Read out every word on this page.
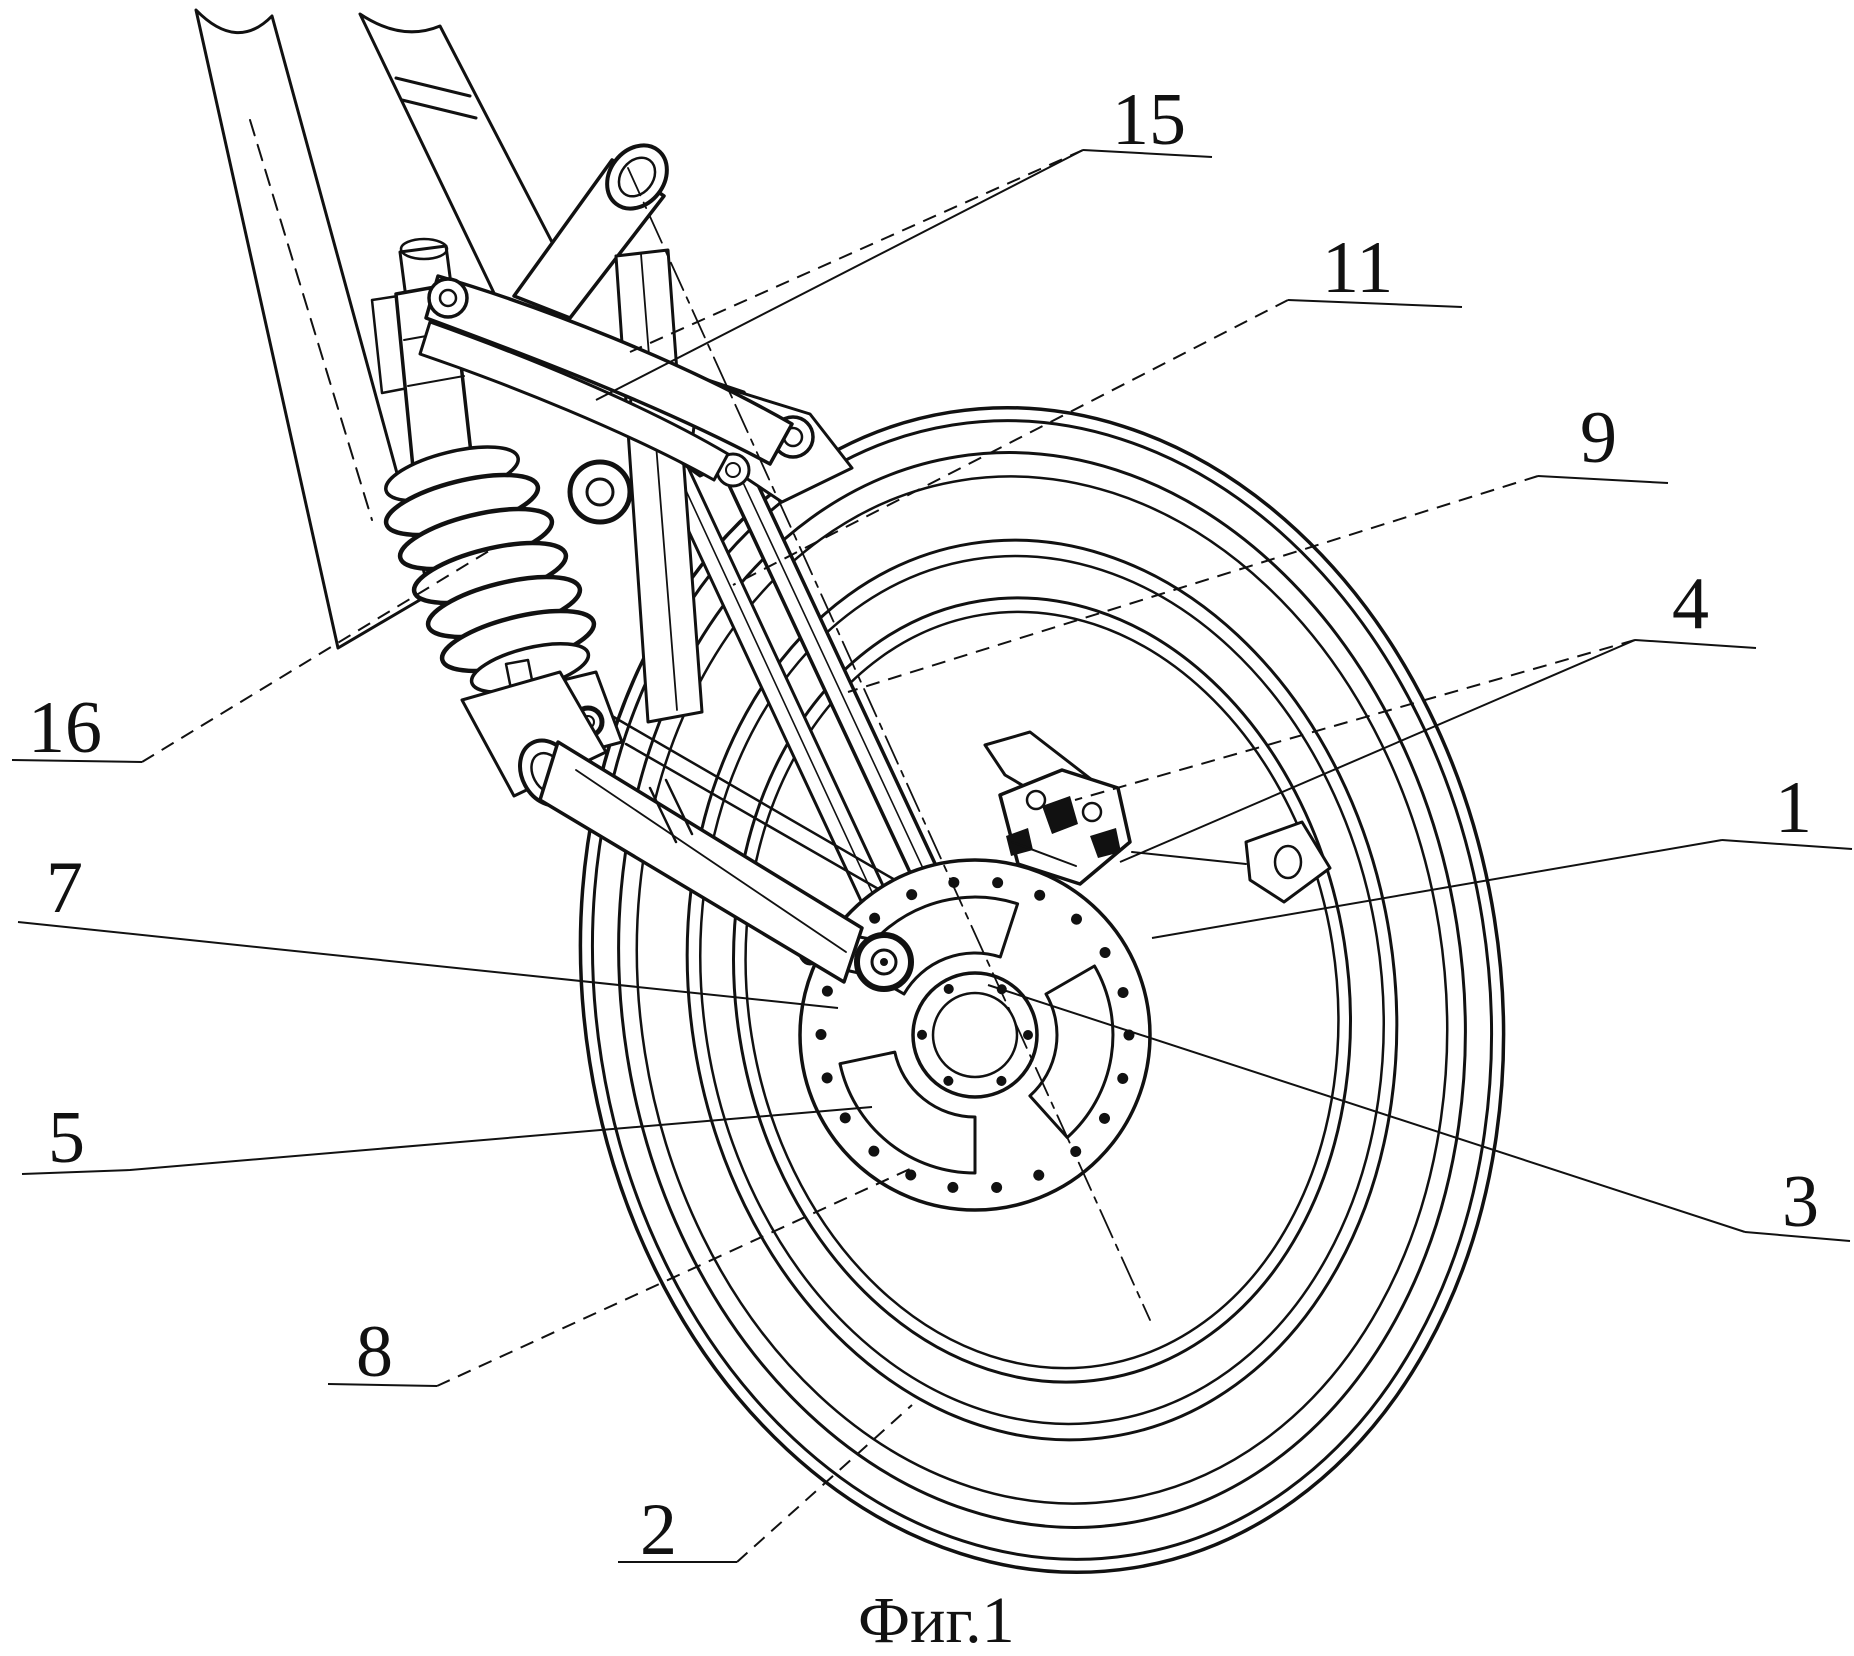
15
11
9
4
1
3
16
7
5
8
2
Фиг.1
